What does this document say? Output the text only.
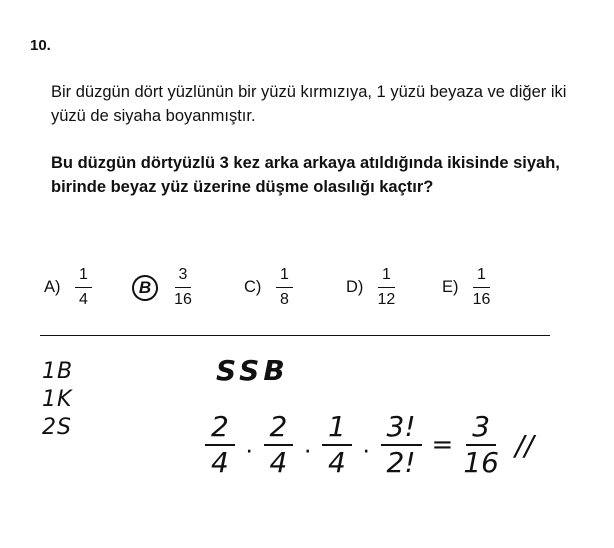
10.
Bir düzgün dört yüzlünün bir yüzü kırmızıya, 1 yüzü beyaza ve diğer iki yüzü de siyaha boyanmıştır.
Bu düzgün dörtyüzlü 3 kez arka arkaya atıldığında ikisinde siyah, birinde beyaz yüz üzerine düşme olasılığı kaçtır?
$A) \frac{1}{4}$ B $\frac{3}{16}$	$C) \frac{1}{8}$	$D) \frac{1}{12}$	$E) \frac{1}{16}$
1B
1K
2S
SSB
$\frac{2}{4} \cdot \frac{2}{4} \cdot \frac{1}{4} \cdot \frac{3!}{2!} = \frac{3}{16}$ //
